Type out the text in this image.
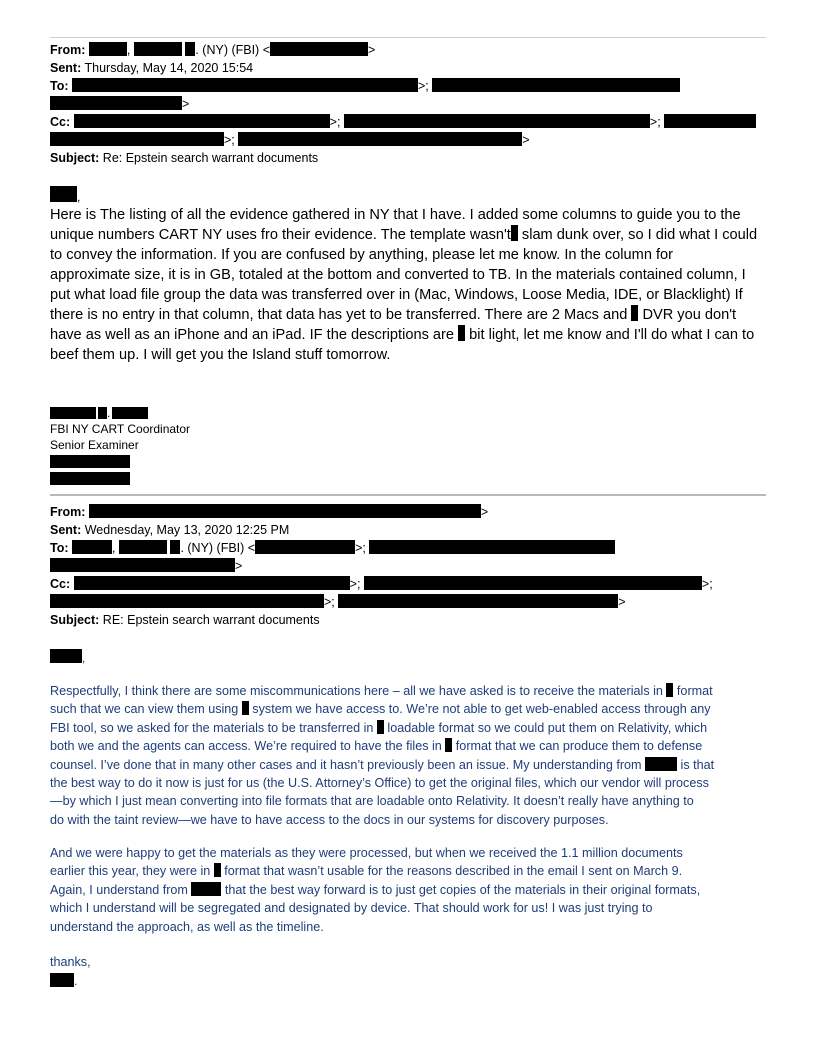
From:	,	. (NY) (FBI) <	>
Sent: Thursday, May 14, 2020 15:54
To:	>;
>
Cc:	>;	>;
>;	>
Subject: Re: Epstein search warrant documents
,

Here is The listing of all the evidence gathered in NY that I have. I added some columns to guide you to the

unique numbers CART NY uses fro their evidence. The template wasn't slam dunk over, so I did what I could

to convey the information. If you are confused by anything, please let me know. In the column for

approximate size, it is in GB, totaled at the bottom and converted to TB. In the materials contained column, I

put what load file group the data was transferred over in (Mac, Windows, Loose Media, IDE, or Blacklight) If

there is no entry in that column, that data has yet to be transferred. There are 2 Macs and  DVR you don't

have as well as an iPhone and an iPad. IF the descriptions are  bit light, let me know and I'll do what I can to

beef them up. I will get you the Island stuff tomorrow.

.
FBI NY CART Coordinator
Senior Examiner
From:	>
Sent: Wednesday, May 13, 2020 12:25 PM
To:	,	. (NY) (FBI) <	>;
>
Cc:	>;	>;
>;	>
Subject: RE: Epstein search warrant documents
,

Respectfully, I think there are some miscommunications here – all we have asked is to receive the materials in  format

such that we can view them using  system we have access to. We’re not able to get web-enabled access through any

FBI tool, so we asked for the materials to be transferred in  loadable format so we could put them on Relativity, which

both we and the agents can access. We’re required to have the files in  format that we can produce them to defense

counsel. I’ve done that in many other cases and it hasn’t previously been an issue. My understanding from	is that

the best way to do it now is just for us (the U.S. Attorney’s Office) to get the original files, which our vendor will process

—by which I just mean converting into file formats that are loadable onto Relativity. It doesn’t really have anything to

do with the taint review—we have to have access to the docs in our systems for discovery purposes.

And we were happy to get the materials as they were processed, but when we received the 1.1 million documents

earlier this year, they were in  format that wasn’t usable for the reasons described in the email I sent on March 9.

Again, I understand from	that the best way forward is to just get copies of the materials in their original formats,

which I understand will be segregated and designated by device. That should work for us! I was just trying to

understand the approach, as well as the timeline.

thanks,
.
